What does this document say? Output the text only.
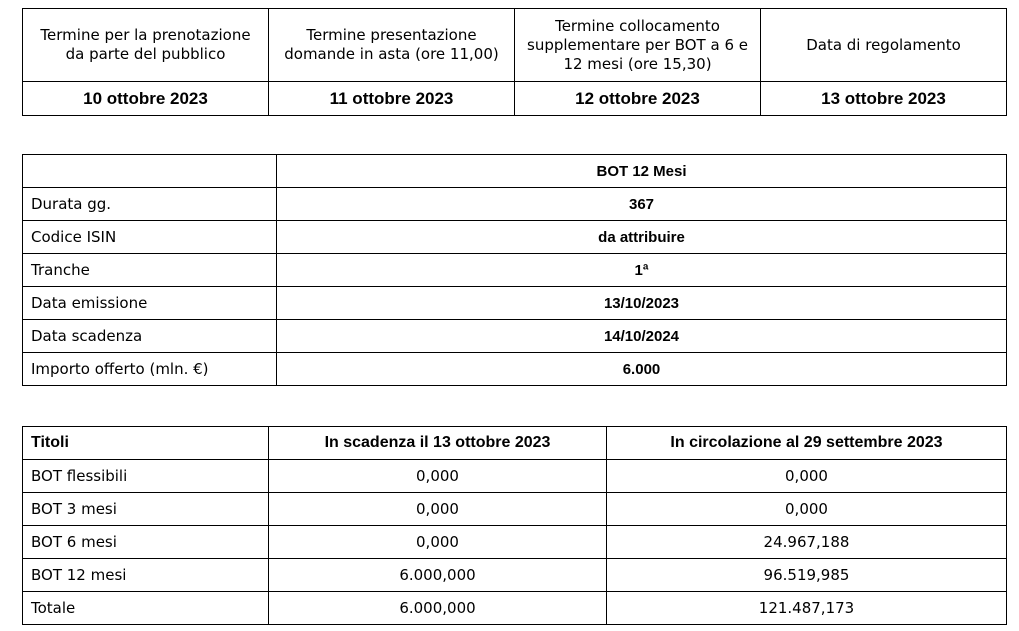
Termine per la prenotazione da parte del pubblico	Termine presentazione domande in asta (ore 11,00)	Termine collocamento supplementare per BOT a 6 e 12 mesi (ore 15,30)	Data di regolamento
10 ottobre 2023	11 ottobre 2023	12 ottobre 2023	13 ottobre 2023
	BOT 12 Mesi
Durata gg.	367
Codice ISIN	da attribuire
Tranche	1ª
Data emissione	13/10/2023
Data scadenza	14/10/2024
Importo offerto (mln. €)	6.000
Titoli	In scadenza il 13 ottobre 2023	In circolazione al 29 settembre 2023
BOT flessibili	0,000	0,000
BOT 3 mesi	0,000	0,000
BOT 6 mesi	0,000	24.967,188
BOT 12 mesi	6.000,000	96.519,985
Totale	6.000,000	121.487,173
